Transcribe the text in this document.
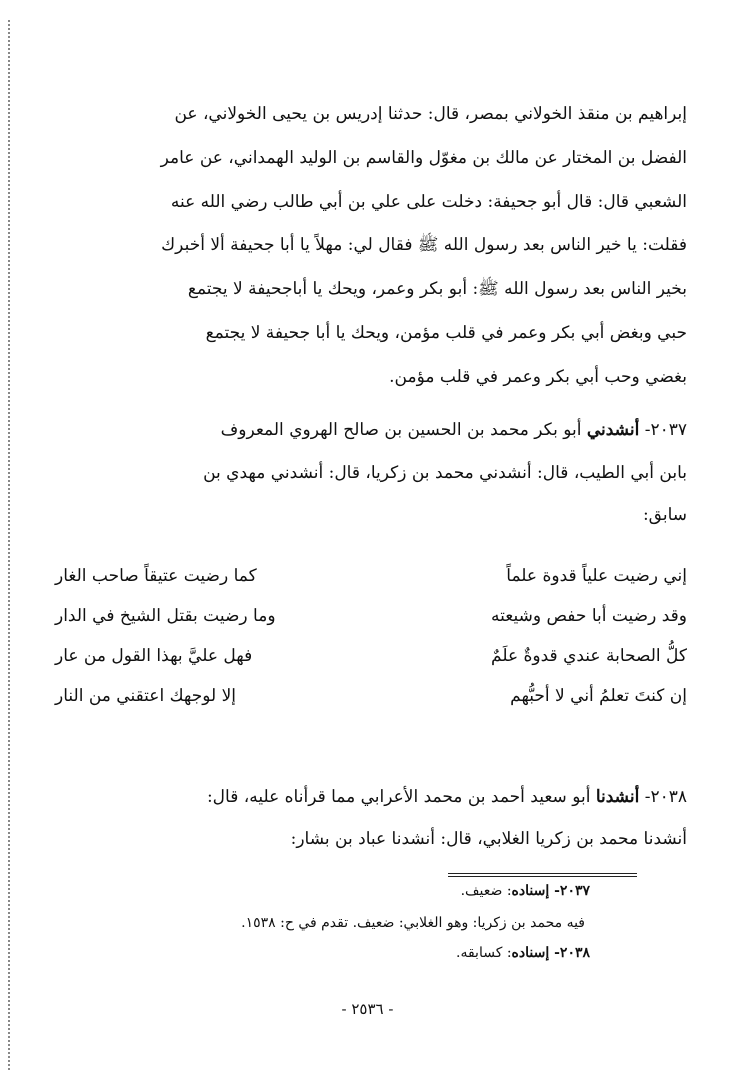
إبراهيم بن منقذ الخولاني بمصر، قال: حدثنا إدريس بن يحيى الخولاني، عن
الفضل بن المختار عن مالك بن مغوّل والقاسم بن الوليد الهمداني، عن عامر
الشعبي قال: قال أبو جحيفة: دخلت على علي بن أبي طالب رضي الله عنه
فقلت: يا خير الناس بعد رسول الله ﷺ فقال لي: مهلاً يا أبا جحيفة ألا أخبرك
بخير الناس بعد رسول الله ﷺ: أبو بكر وعمر، ويحك يا أباجحيفة لا يجتمع
حبي وبغض أبي بكر وعمر في قلب مؤمن، ويحك يا أبا جحيفة لا يجتمع
بغضي وحب أبي بكر وعمر في قلب مؤمن.
٢٠٣٧- أنشدني أبو بكر محمد بن الحسين بن صالح الهروي المعروف
بابن أبي الطيب، قال: أنشدني محمد بن زكريا، قال: أنشدني مهدي بن
سابق:
إني رضيت علياً قدوة علماً
كما رضيت عتيقاً صاحب الغار
وقد رضيت أبا حفص وشيعته
وما رضيت بقتل الشيخ في الدار
كلُّ الصحابة عندي قدوةٌ علَمٌ
فهل عليَّ بهذا القول من عار
إن كنتَ تعلمُ أني لا أحبُّهم
إلا لوجهك اعتقني من النار
٢٠٣٨- أنشدنا أبو سعيد أحمد بن محمد الأعرابي مما قرأناه عليه، قال:
أنشدنا محمد بن زكريا الغلابي، قال: أنشدنا عباد بن بشار:
٢٠٣٧- إسناده: ضعيف.
فيه محمد بن زكريا: وهو الغلابي: ضعيف. تقدم في ح: ١٥٣٨.
٢٠٣٨- إسناده: كسابقه.
- ٢٥٣٦ -
